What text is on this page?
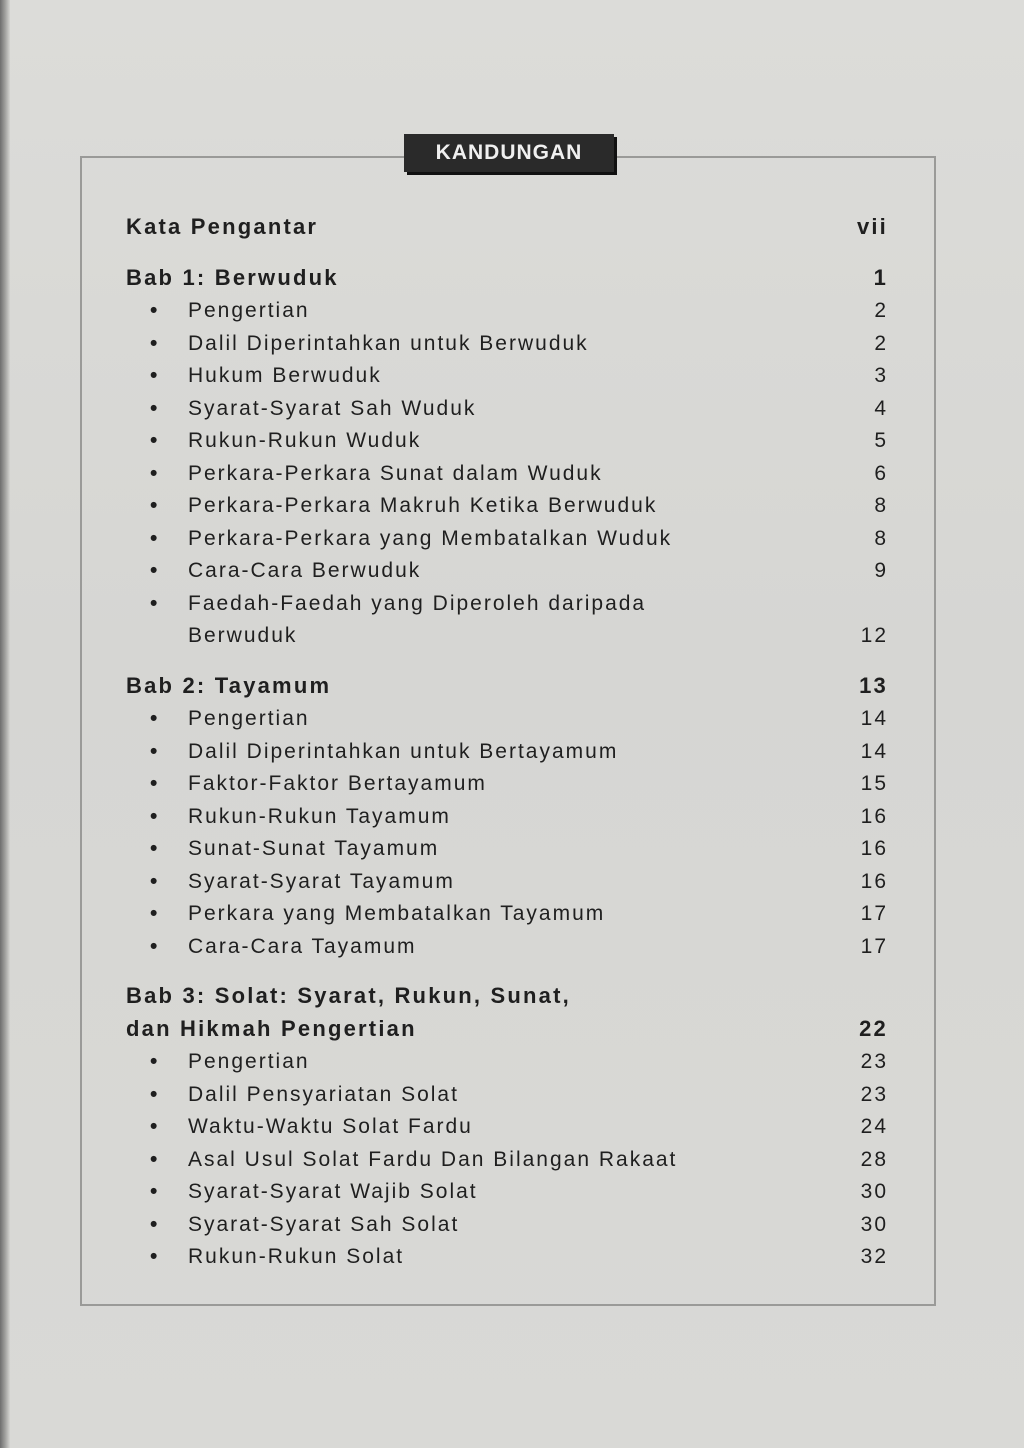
KANDUNGAN
Kata Pengantar	vii
Bab 1: Berwuduk	1
• Pengertian	2
• Dalil Diperintahkan untuk Berwuduk	2
• Hukum Berwuduk	3
• Syarat-Syarat Sah Wuduk	4
• Rukun-Rukun Wuduk	5
• Perkara-Perkara Sunat dalam Wuduk	6
• Perkara-Perkara Makruh Ketika Berwuduk	8
• Perkara-Perkara yang Membatalkan Wuduk	8
• Cara-Cara Berwuduk	9
• Faedah-Faedah yang Diperoleh daripada
Berwuduk	12
Bab 2: Tayamum	13
• Pengertian	14
• Dalil Diperintahkan untuk Bertayamum	14
• Faktor-Faktor Bertayamum	15
• Rukun-Rukun Tayamum	16
• Sunat-Sunat Tayamum	16
• Syarat-Syarat Tayamum	16
• Perkara yang Membatalkan Tayamum	17
• Cara-Cara Tayamum	17
Bab 3: Solat: Syarat, Rukun, Sunat,
dan Hikmah Pengertian	22
• Pengertian	23
• Dalil Pensyariatan Solat	23
• Waktu-Waktu Solat Fardu	24
• Asal Usul Solat Fardu Dan Bilangan Rakaat	28
• Syarat-Syarat Wajib Solat	30
• Syarat-Syarat Sah Solat	30
• Rukun-Rukun Solat	32
